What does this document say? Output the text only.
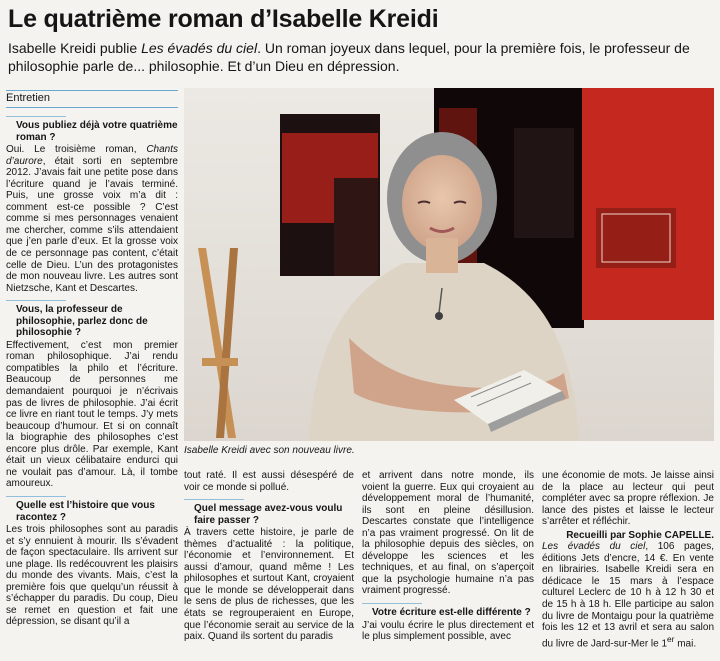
Le quatrième roman d’Isabelle Kreidi
Isabelle Kreidi publie Les évadés du ciel. Un roman joyeux dans lequel, pour la première fois, le professeur de philosophie parle de... philosophie. Et d’un Dieu en dépression.
Entretien

Vous publiez déjà votre quatrième roman ?

Oui. Le troisième roman, Chants d’aurore, était sorti en septembre 2012. J’avais fait une petite pose dans l’écriture quand je l’avais terminé. Puis, une grosse voix m’a dit : comment est-ce possible ? C’est comme si mes personnages venaient me chercher, comme s’ils attendaient que j’en parle d’eux. Et la grosse voix de ce personnage pas content, c’était celle de Dieu. L’un des protagonistes de mon nouveau livre. Les autres sont Nietzsche, Kant et Descartes.

Vous, la professeur de philosophie, parlez donc de philosophie ?

Effectivement, c’est mon premier roman philosophique. J’ai rendu compatibles la philo et l’écriture. Beaucoup de personnes me demandaient pourquoi je n’écrivais pas de livres de philosophie. J’ai écrit ce livre en riant tout le temps. J’y mets beaucoup d’humour. Et si on connaît la biographie des philosophes c’est encore plus drôle. Par exemple, Kant était un vieux célibataire endurci qui ne voulait pas d’amour. Là, il tombe amoureux.

Quelle est l’histoire que vous racontez ?

Les trois philosophes sont au paradis et s’y ennuient à mourir. Ils s’évadent de façon spectaculaire. Ils arrivent sur une plage. Ils redécouvrent les plaisirs du monde des vivants. Mais, c’est la première fois que quelqu’un réussit à s’échapper du paradis. Du coup, Dieu se remet en question et fait une dépression, se disant qu’il a

Isabelle Kreidi avec son nouveau livre.

tout raté. Il est aussi désespéré de voir ce monde si pollué.

Quel message avez-vous voulu faire passer ?

À travers cette histoire, je parle de thèmes d’actualité : la politique, l’économie et l’environnement. Et aussi d’amour, quand même ! Les philosophes et surtout Kant, croyaient que le monde se développerait dans le sens de plus de richesses, que les états se regrouperaient en Europe, que l’économie serait au service de la paix. Quand ils sortent du paradis

et arrivent dans notre monde, ils voient la guerre. Eux qui croyaient au développement moral de l’humanité, ils sont en pleine désillusion. Descartes constate que l’intelligence n’a pas vraiment progressé. On lit de la philosophie depuis des siècles, on développe les sciences et les techniques, et au final, on s’aperçoit que la psychologie humaine n’a pas vraiment progressé.

Votre écriture est-elle différente ?

J’ai voulu écrire le plus directement et le plus simplement possible, avec

une économie de mots. Je laisse ainsi de la place au lecteur qui peut compléter avec sa propre réflexion. Je lance des pistes et laisse le lecteur s’arrêter et réfléchir.

Recueilli par Sophie CAPELLE.

Les évadés du ciel, 106 pages, éditions Jets d’encre, 14 €. En vente en librairies. Isabelle Kreidi sera en dédicace le 15 mars à l’espace culturel Leclerc de 10 h à 12 h 30 et de 15 h à 18 h. Elle participe au salon du livre de Montaigu pour la quatrième fois les 12 et 13 avril et sera au salon du livre de Jard-sur-Mer le 1er mai.
